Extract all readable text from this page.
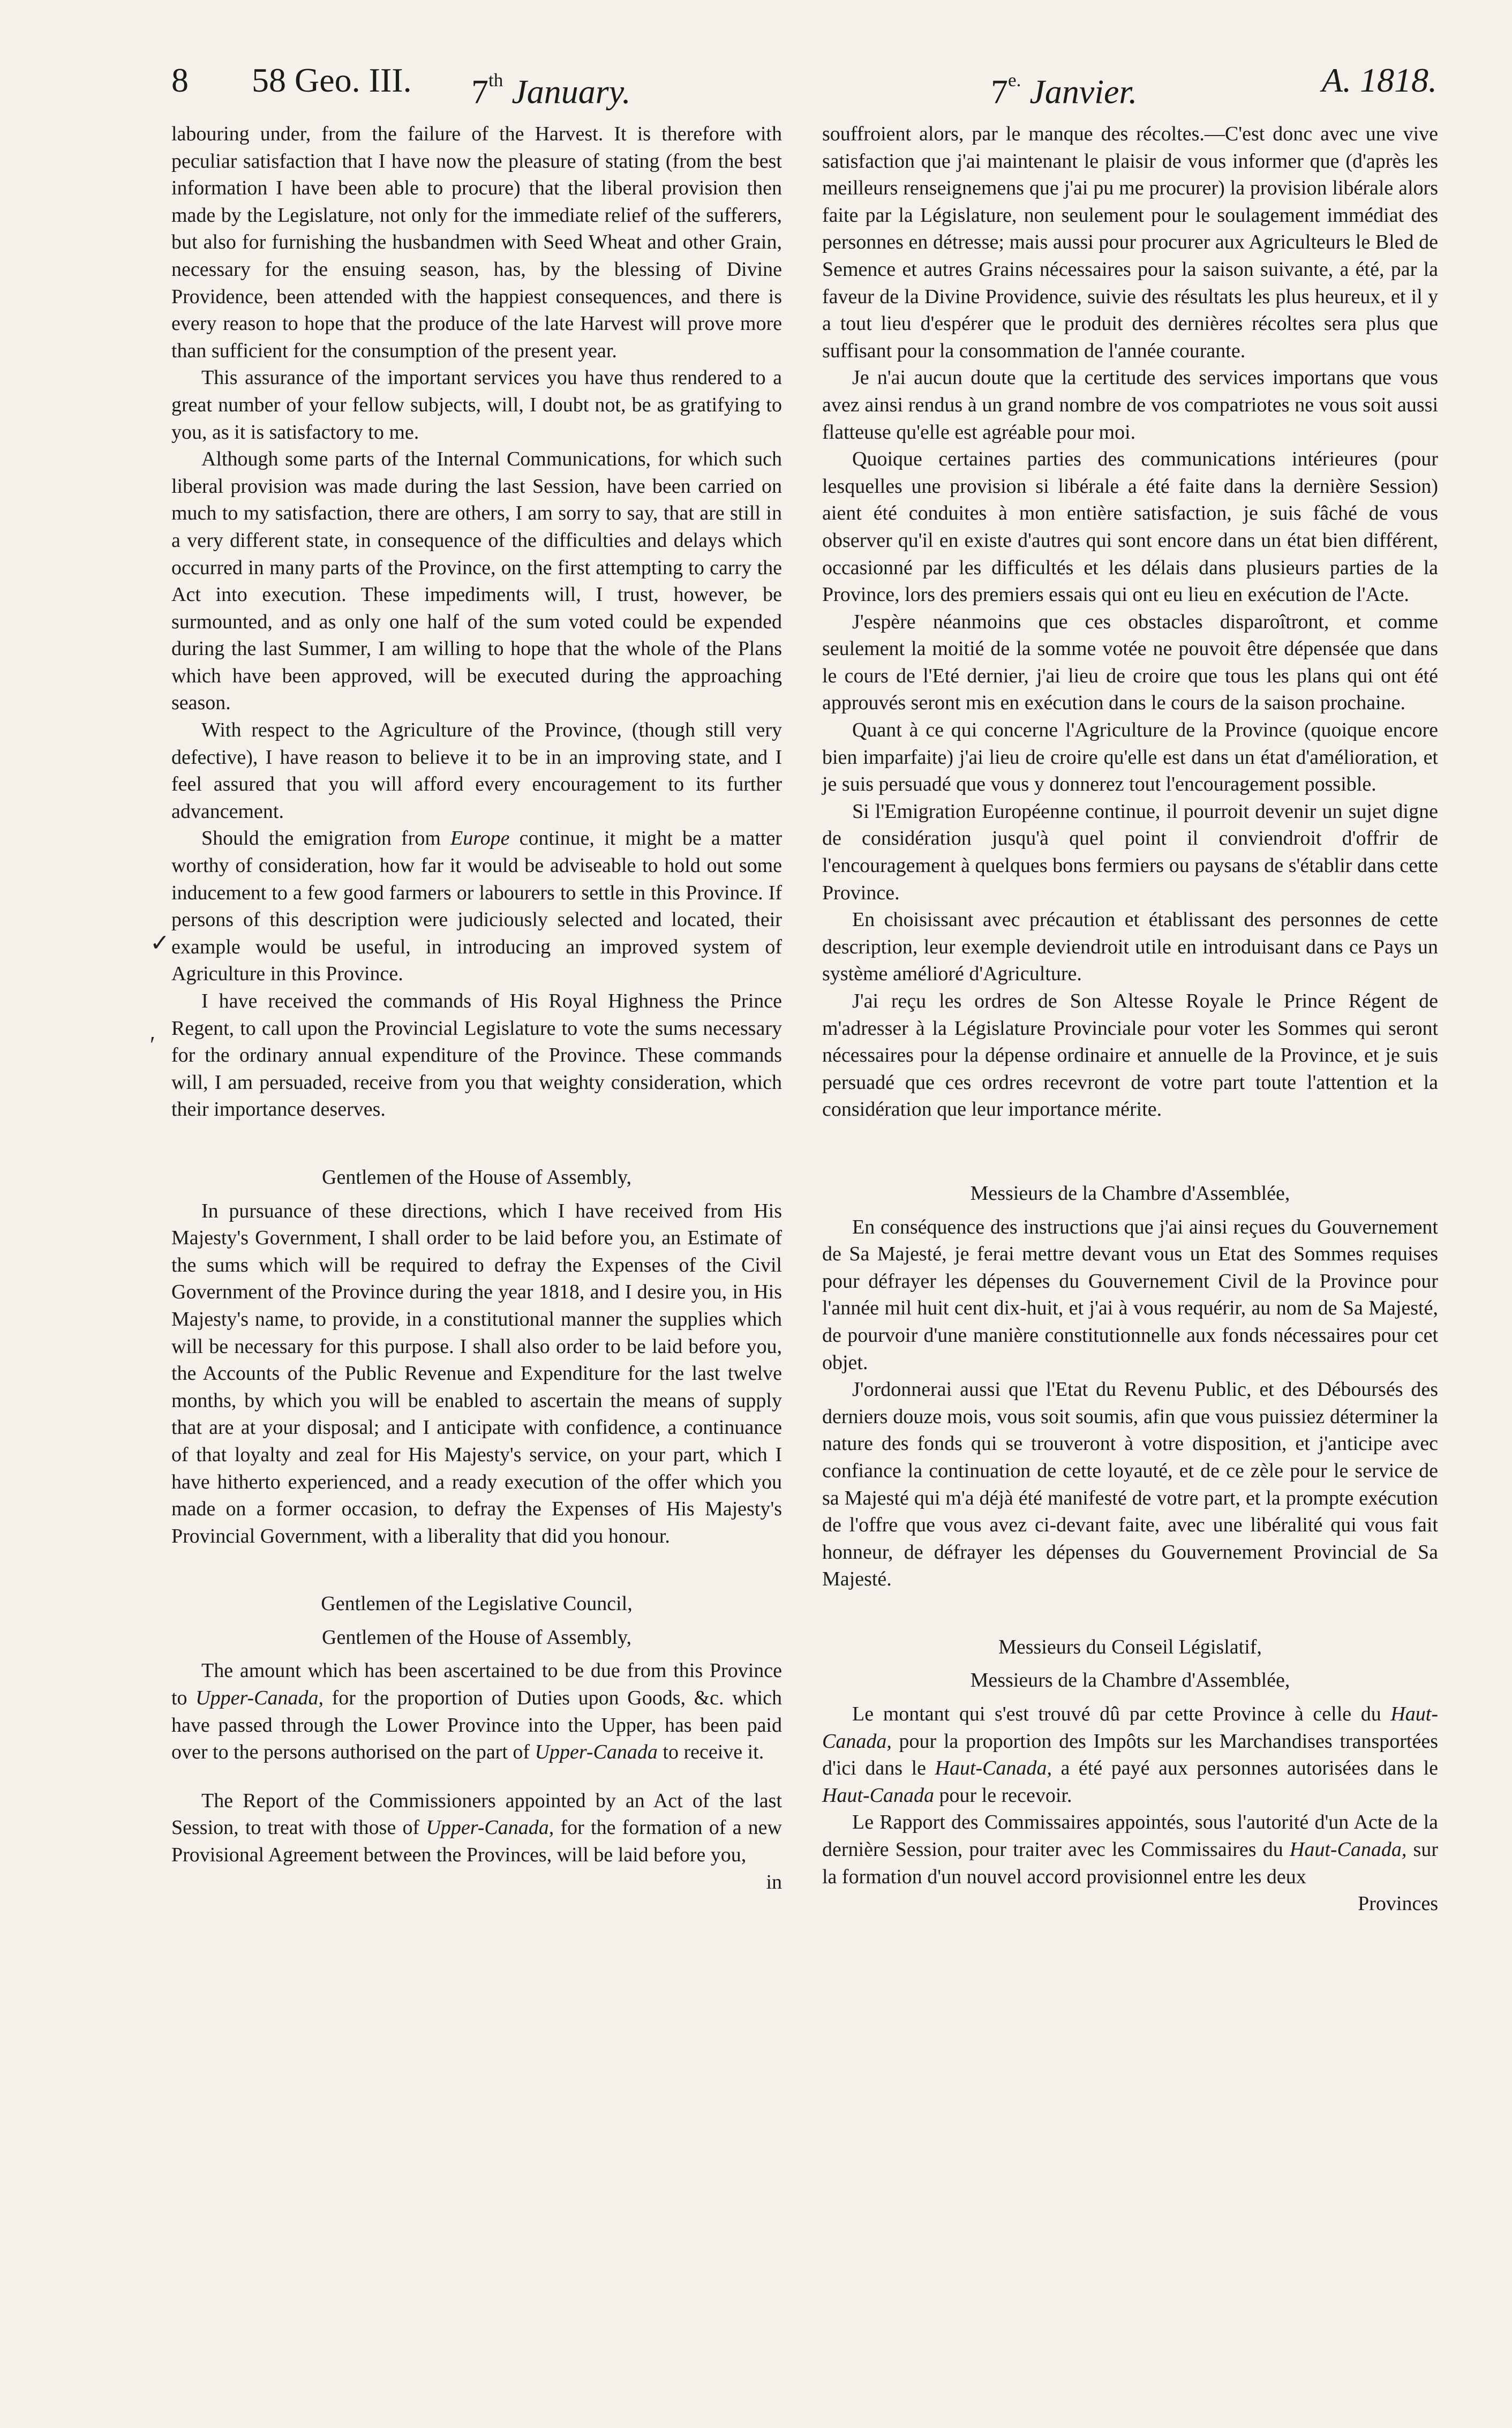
8 58 Geo. III. 7th January.	$7^{e.}$ Janvier.	A. 1818.

labouring under, from the failure of the Harvest. It is therefore with peculiar satisfaction that I have now the pleasure of stating (from the best information I have been able to procure) that the liberal provision then made by the Legislature, not only for the immediate relief of the sufferers, but also for furnishing the husbandmen with Seed Wheat and other Grain, necessary for the ensuing season, has, by the blessing of Divine Providence, been attended with the happiest consequences, and there is every reason to hope that the produce of the late Harvest will prove more than sufficient for the consumption of the present year.

This assurance of the important services you have thus rendered to a great number of your fellow subjects, will, I doubt not, be as gratifying to you, as it is satisfactory to me.

Although some parts of the Internal Communications, for which such liberal provision was made during the last Session, have been carried on much to my satisfaction, there are others, I am sorry to say, that are still in a very different state, in consequence of the difficulties and delays which occurred in many parts of the Province, on the first attempting to carry the Act into execution. These impediments will, I trust, however, be surmounted, and as only one half of the sum voted could be expended during the last Summer, I am willing to hope that the whole of the Plans which have been approved, will be executed during the approaching season.

With respect to the Agriculture of the Province, (though still very defective), I have reason to believe it to be in an improving state, and I feel assured that you will afford every encouragement to its further advancement.

Should the emigration from Europe continue, it might be a matter worthy of consideration, how far it would be adviseable to hold out some inducement to a few good farmers or labourers to settle in this Province. If persons of this description were judiciously selected and located, their example would be useful, in introducing an improved system of Agriculture in this Province.

I have received the commands of His Royal Highness the Prince Regent, to call upon the Provincial Legislature to vote the sums necessary for the ordinary annual expenditure of the Province. These commands will, I am persuaded, receive from you that weighty consideration, which their importance deserves.

Gentlemen of the House of Assembly,

In pursuance of these directions, which I have received from His Majesty's Government, I shall order to be laid before you, an Estimate of the sums which will be required to defray the Expenses of the Civil Government of the Province during the year 1818, and I desire you, in His Majesty's name, to provide, in a constitutional manner the supplies which will be necessary for this purpose. I shall also order to be laid before you, the Accounts of the Public Revenue and Expenditure for the last twelve months, by which you will be enabled to ascertain the means of supply that are at your disposal; and I anticipate with confidence, a continuance of that loyalty and zeal for His Majesty's service, on your part, which I have hitherto experienced, and a ready execution of the offer which you made on a former occasion, to defray the Expenses of His Majesty's Provincial Government, with a liberality that did you honour.

Gentlemen of the Legislative Council,

Gentlemen of the House of Assembly,

The amount which has been ascertained to be due from this Province to Upper-Canada, for the proportion of Duties upon Goods, &c. which have passed through the Lower Province into the Upper, has been paid over to the persons authorised on the part of Upper-Canada to receive it.

The Report of the Commissioners appointed by an Act of the last Session, to treat with those of Upper-Canada, for the formation of a new Provisional Agreement between the Provinces, will be laid before you,

in

✓
ʹ

souffroient alors, par le manque des récoltes.—C'est donc avec une vive satisfaction que j'ai maintenant le plaisir de vous informer que (d'après les meilleurs renseignemens que j'ai pu me procurer) la provision libérale alors faite par la Législature, non seulement pour le soulagement immédiat des personnes en détresse; mais aussi pour procurer aux Agriculteurs le Bled de Semence et autres Grains nécessaires pour la saison suivante, a été, par la faveur de la Divine Providence, suivie des résultats les plus heureux, et il y a tout lieu d'espérer que le produit des dernières récoltes sera plus que suffisant pour la consommation de l'année courante.

Je n'ai aucun doute que la certitude des services importans que vous avez ainsi rendus à un grand nombre de vos compatriotes ne vous soit aussi flatteuse qu'elle est agréable pour moi.

Quoique certaines parties des communications intérieures (pour lesquelles une provision si libérale a été faite dans la dernière Session) aient été conduites à mon entière satisfaction, je suis fâché de vous observer qu'il en existe d'autres qui sont encore dans un état bien différent, occasionné par les difficultés et les délais dans plusieurs parties de la Province, lors des premiers essais qui ont eu lieu en exécution de l'Acte.

J'espère néanmoins que ces obstacles disparoîtront, et comme seulement la moitié de la somme votée ne pouvoit être dépensée que dans le cours de l'Eté dernier, j'ai lieu de croire que tous les plans qui ont été approuvés seront mis en exécution dans le cours de la saison prochaine.

Quant à ce qui concerne l'Agriculture de la Province (quoique encore bien imparfaite) j'ai lieu de croire qu'elle est dans un état d'amélioration, et je suis persuadé que vous y donnerez tout l'encouragement possible.

Si l'Emigration Européenne continue, il pourroit devenir un sujet digne de considération jusqu'à quel point il conviendroit d'offrir de l'encouragement à quelques bons fermiers ou paysans de s'établir dans cette Province.

En choisissant avec précaution et établissant des personnes de cette description, leur exemple deviendroit utile en introduisant dans ce Pays un système amélioré d'Agriculture.

J'ai reçu les ordres de Son Altesse Royale le Prince Régent de m'adresser à la Législature Provinciale pour voter les Sommes qui seront nécessaires pour la dépense ordinaire et annuelle de la Province, et je suis persuadé que ces ordres recevront de votre part toute l'attention et la considération que leur importance mérite.

Messieurs de la Chambre d'Assemblée,

En conséquence des instructions que j'ai ainsi reçues du Gouvernement de Sa Majesté, je ferai mettre devant vous un Etat des Sommes requises pour défrayer les dépenses du Gouvernement Civil de la Province pour l'année mil huit cent dix-huit, et j'ai à vous requérir, au nom de Sa Majesté, de pourvoir d'une manière constitutionnelle aux fonds nécessaires pour cet objet.

J'ordonnerai aussi que l'Etat du Revenu Public, et des Déboursés des derniers douze mois, vous soit soumis, afin que vous puissiez déterminer la nature des fonds qui se trouveront à votre disposition, et j'anticipe avec confiance la continuation de cette loyauté, et de ce zèle pour le service de sa Majesté qui m'a déjà été manifesté de votre part, et la prompte exécution de l'offre que vous avez ci-devant faite, avec une libéralité qui vous fait honneur, de défrayer les dépenses du Gouvernement Provincial de Sa Majesté.

Messieurs du Conseil Législatif,

Messieurs de la Chambre d'Assemblée,

Le montant qui s'est trouvé dû par cette Province à celle du Haut-Canada, pour la proportion des Impôts sur les Marchandises transportées d'ici dans le Haut-Canada, a été payé aux personnes autorisées dans le Haut-Canada pour le recevoir.

Le Rapport des Commissaires appointés, sous l'autorité d'un Acte de la dernière Session, pour traiter avec les Commissaires du Haut-Canada, sur la formation d'un nouvel accord provisionnel entre les deux

Provinces
